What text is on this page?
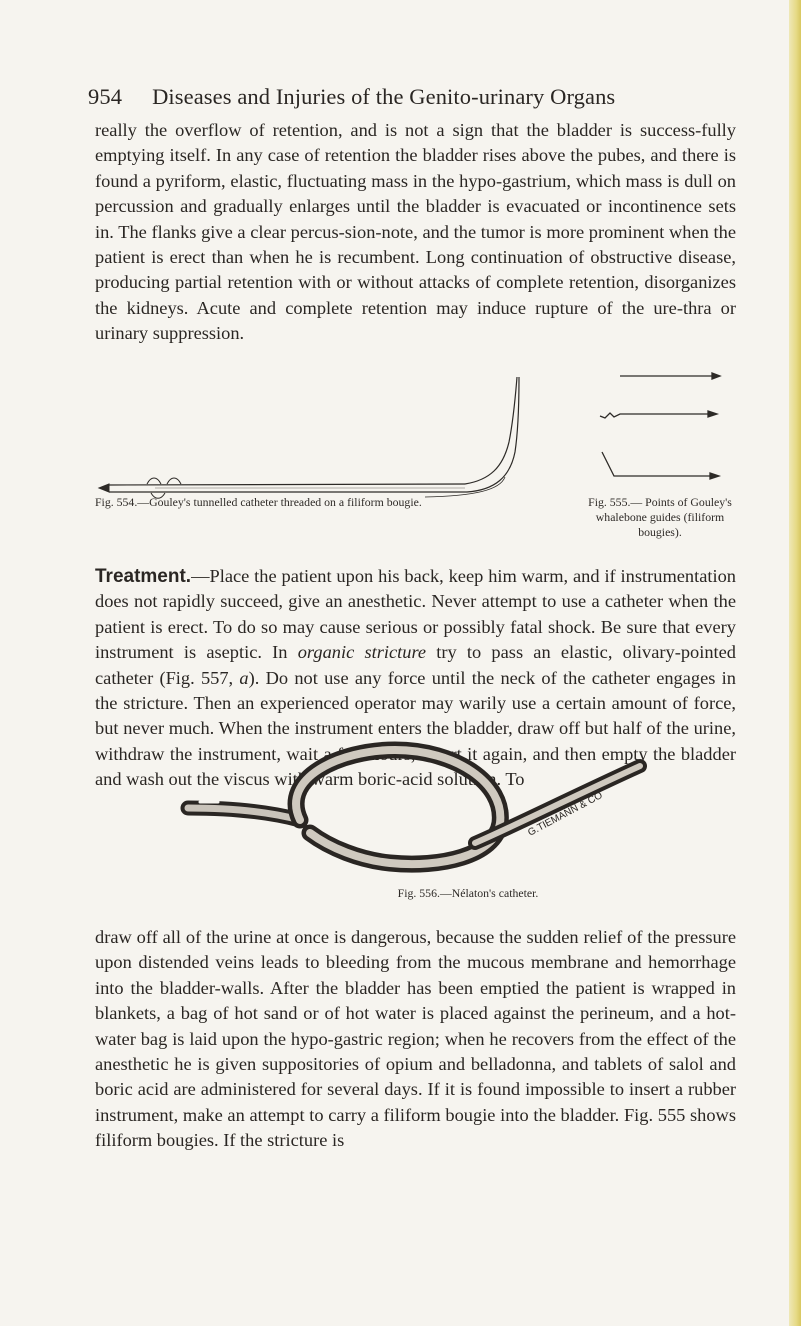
954 Diseases and Injuries of the Genito-urinary Organs

really the overflow of retention, and is not a sign that the bladder is success-fully emptying itself. In any case of retention the bladder rises above the pubes, and there is found a pyriform, elastic, fluctuating mass in the hypo-gastrium, which mass is dull on percussion and gradually enlarges until the bladder is evacuated or incontinence sets in. The flanks give a clear percus-sion-note, and the tumor is more prominent when the patient is erect than when he is recumbent. Long continuation of obstructive disease, producing partial retention with or without attacks of complete retention, disorganizes the kidneys. Acute and complete retention may induce rupture of the ure-thra or urinary suppression.

Fig. 554.—Gouley's tunnelled catheter threaded on a filiform bougie.	Fig. 555.— Points of Gouley's whalebone guides (filiform bougies).

Treatment.—Place the patient upon his back, keep him warm, and if instrumentation does not rapidly succeed, give an anesthetic. Never attempt to use a catheter when the patient is erect. To do so may cause serious or possibly fatal shock. Be sure that every instrument is aseptic. In organic stricture try to pass an elastic, olivary-pointed catheter (Fig. 557, a). Do not use any force until the neck of the catheter engages in the stricture. Then an experienced operator may warily use a certain amount of force, but never much. When the instrument enters the bladder, draw off but half of the urine, withdraw the instrument, wait a few hours, insert it again, and then empty the bladder and wash out the viscus with warm boric-acid solution. To

G.TIEMANN & CO
Fig. 556.—Nélaton's catheter.

draw off all of the urine at once is dangerous, because the sudden relief of the pressure upon distended veins leads to bleeding from the mucous membrane and hemorrhage into the bladder-walls. After the bladder has been emptied the patient is wrapped in blankets, a bag of hot sand or of hot water is placed against the perineum, and a hot-water bag is laid upon the hypo-gastric region; when he recovers from the effect of the anesthetic he is given suppositories of opium and belladonna, and tablets of salol and boric acid are administered for several days. If it is found impossible to insert a rubber instrument, make an attempt to carry a filiform bougie into the bladder. Fig. 555 shows filiform bougies. If the stricture is
